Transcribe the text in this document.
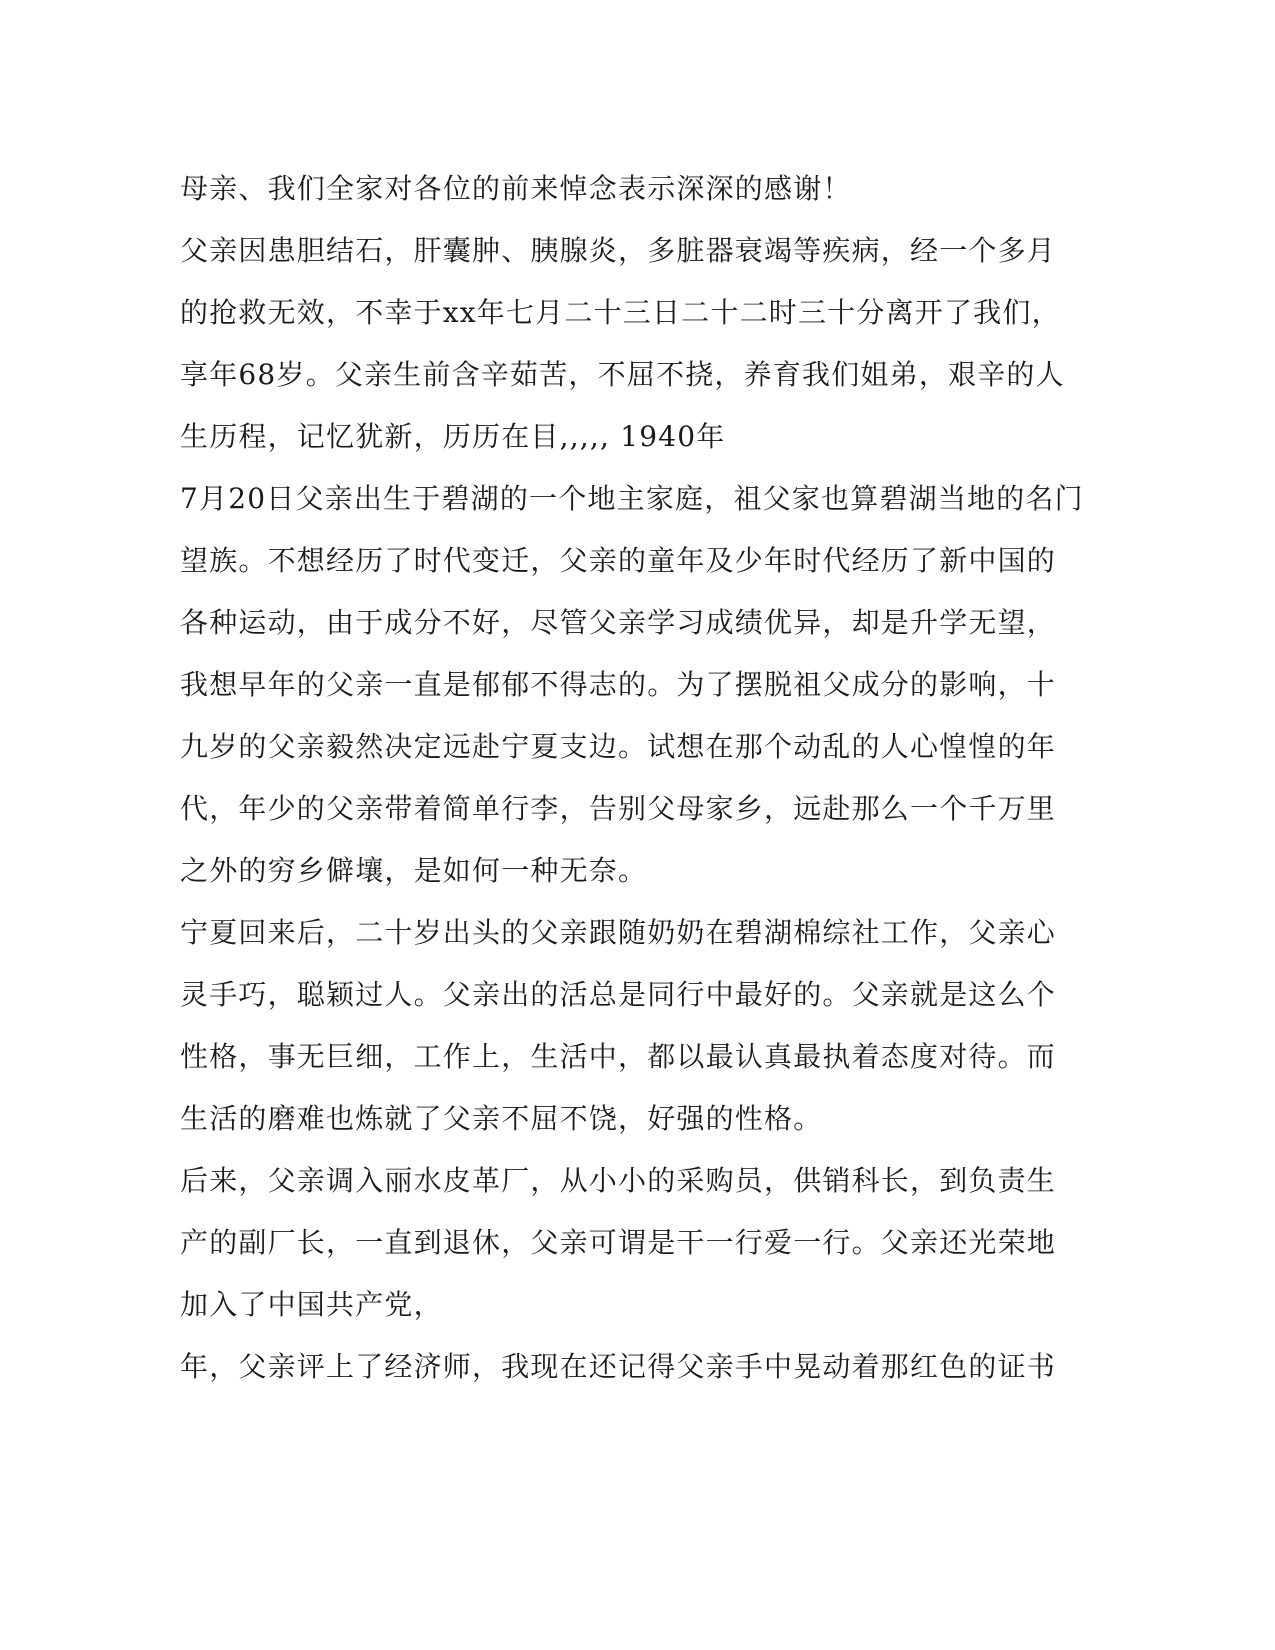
母亲、我们全家对各位的前来悼念表示深深的感谢！
父亲因患胆结石，肝囊肿、胰腺炎，多脏器衰竭等疾病，经一个多月
的抢救无效，不幸于xx年七月二十三日二十二时三十分离开了我们，
享年68岁。父亲生前含辛茹苦，不屈不挠，养育我们姐弟，艰辛的人
生历程，记忆犹新，历历在目,,,,, 1940年
7月20日父亲出生于碧湖的一个地主家庭，祖父家也算碧湖当地的名门
望族。不想经历了时代变迁，父亲的童年及少年时代经历了新中国的
各种运动，由于成分不好，尽管父亲学习成绩优异，却是升学无望，
我想早年的父亲一直是郁郁不得志的。为了摆脱祖父成分的影响，十
九岁的父亲毅然决定远赴宁夏支边。试想在那个动乱的人心惶惶的年
代，年少的父亲带着简单行李，告别父母家乡，远赴那么一个千万里
之外的穷乡僻壤，是如何一种无奈。
宁夏回来后，二十岁出头的父亲跟随奶奶在碧湖棉综社工作，父亲心
灵手巧，聪颖过人。父亲出的活总是同行中最好的。父亲就是这么个
性格，事无巨细，工作上，生活中，都以最认真最执着态度对待。而
生活的磨难也炼就了父亲不屈不饶，好强的性格。
后来，父亲调入丽水皮革厂，从小小的采购员，供销科长，到负责生
产的副厂长，一直到退休，父亲可谓是干一行爱一行。父亲还光荣地
加入了中国共产党，
年，父亲评上了经济师，我现在还记得父亲手中晃动着那红色的证书
